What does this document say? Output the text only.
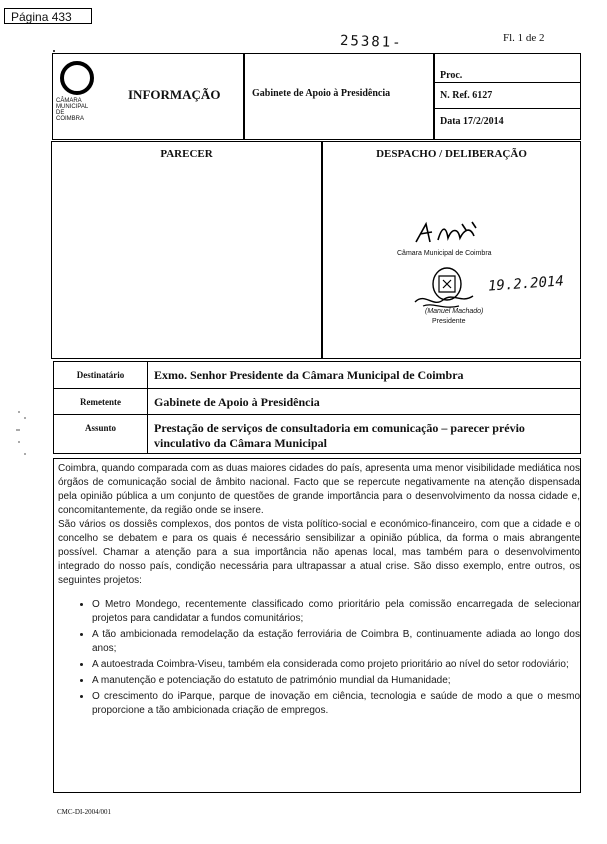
Página 433
25381-	Fl. 1 de 2
CÂMARA
MUNICIPAL
DE
COIMBRA
INFORMAÇÃO	Gabinete de Apoio à Presidência
Proc.
N. Ref. 6127
Data 17/2/2014
PARECER	DESPACHO / DELIBERAÇÃO
Câmara Municipal de Coimbra
19.2.2014
(Manuel Machado)
Presidente
Destinatário	Exmo. Senhor Presidente da Câmara Municipal de Coimbra
Remetente	Gabinete de Apoio à Presidência
Assunto	Prestação de serviços de consultadoria em comunicação – parecer prévio vinculativo da Câmara Municipal

Coimbra, quando comparada com as duas maiores cidades do país, apresenta uma menor visibilidade mediática nos órgãos de comunicação social de âmbito nacional. Facto que se repercute negativamente na atenção dispensada pela opinião pública a um conjunto de questões de grande importância para o desenvolvimento da nossa cidade e, concomitantemente, da região onde se insere.

São vários os dossiês complexos, dos pontos de vista político-social e económico-financeiro, com que a cidade e o concelho se debatem e para os quais é necessário sensibilizar a opinião pública, da forma o mais abrangente possível. Chamar a atenção para a sua importância não apenas local, mas também para o desenvolvimento integrado do nosso país, condição necessária para ultrapassar a atual crise. São disso exemplo, entre outros, os seguintes projetos:

• O Metro Mondego, recentemente classificado como prioritário pela comissão encarregada de selecionar projetos para candidatar a fundos comunitários;
• A tão ambicionada remodelação da estação ferroviária de Coimbra B, continuamente adiada ao longo dos anos;
• A autoestrada Coimbra-Viseu, também ela considerada como projeto prioritário ao nível do setor rodoviário;
• A manutenção e potenciação do estatuto de património mundial da Humanidade;
• O crescimento do iParque, parque de inovação em ciência, tecnologia e saúde de modo a que o mesmo proporcione a tão ambicionada criação de empregos.
CMC-DI-2004/001
